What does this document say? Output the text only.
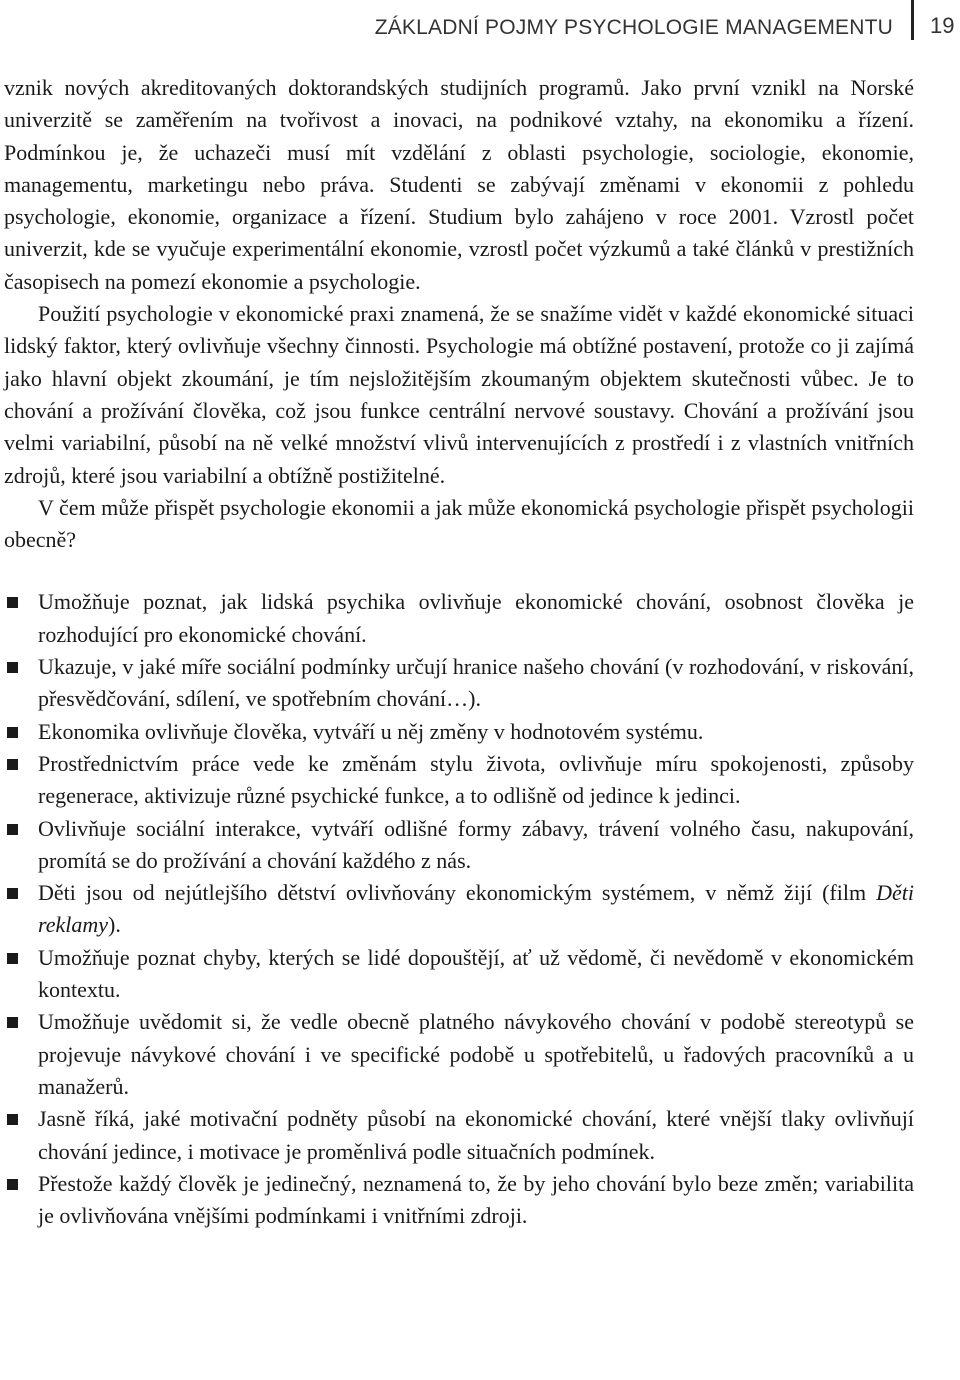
ZÁKLADNÍ POJMY PSYCHOLOGIE MANAGEMENTU 19

vznik nových akreditovaných doktorandských studijních programů. Jako první vznikl na Norské univerzitě se zaměřením na tvořivost a inovaci, na podnikové vztahy, na ekonomiku a řízení. Podmínkou je, že uchazeči musí mít vzdělání z oblasti psychologie, sociologie, ekonomie, managementu, marketingu nebo práva. Studenti se zabývají změnami v ekonomii z pohledu psychologie, ekonomie, organizace a řízení. Studium bylo zahájeno v roce 2001. Vzrostl počet univerzit, kde se vyučuje experimentální ekonomie, vzrostl počet výzkumů a také článků v prestižních časopisech na pomezí ekonomie a psychologie.

Použití psychologie v ekonomické praxi znamená, že se snažíme vidět v každé ekonomické situaci lidský faktor, který ovlivňuje všechny činnosti. Psychologie má obtížné postavení, protože co ji zajímá jako hlavní objekt zkoumání, je tím nejsložitějším zkoumaným objektem skutečnosti vůbec. Je to chování a prožívání člověka, což jsou funkce centrální nervové soustavy. Chování a prožívání jsou velmi variabilní, působí na ně velké množství vlivů intervenujících z prostředí i z vlastních vnitřních zdrojů, které jsou variabilní a obtížně postižitelné.

V čem může přispět psychologie ekonomii a jak může ekonomická psychologie přispět psychologii obecně?

Umožňuje poznat, jak lidská psychika ovlivňuje ekonomické chování, osobnost člověka je rozhodující pro ekonomické chování.
Ukazuje, v jaké míře sociální podmínky určují hranice našeho chování (v rozhodování, v riskování, přesvědčování, sdílení, ve spotřebním chování…).
Ekonomika ovlivňuje člověka, vytváří u něj změny v hodnotovém systému.
Prostřednictvím práce vede ke změnám stylu života, ovlivňuje míru spokojenosti, způsoby regenerace, aktivizuje různé psychické funkce, a to odlišně od jedince k jedinci.
Ovlivňuje sociální interakce, vytváří odlišné formy zábavy, trávení volného času, nakupování, promítá se do prožívání a chování každého z nás.
Děti jsou od nejútlejšího dětství ovlivňovány ekonomickým systémem, v němž žijí (film Děti reklamy).
Umožňuje poznat chyby, kterých se lidé dopouštějí, ať už vědomě, či nevědomě v ekonomickém kontextu.
Umožňuje uvědomit si, že vedle obecně platného návykového chování v podobě stereotypů se projevuje návykové chování i ve specifické podobě u spotřebitelů, u řadových pracovníků a u manažerů.
Jasně říká, jaké motivační podněty působí na ekonomické chování, které vnější tlaky ovlivňují chování jedince, i motivace je proměnlivá podle situačních podmínek.
Přestože každý člověk je jedinečný, neznamená to, že by jeho chování bylo beze změn; variabilita je ovlivňována vnějšími podmínkami i vnitřními zdroji.
